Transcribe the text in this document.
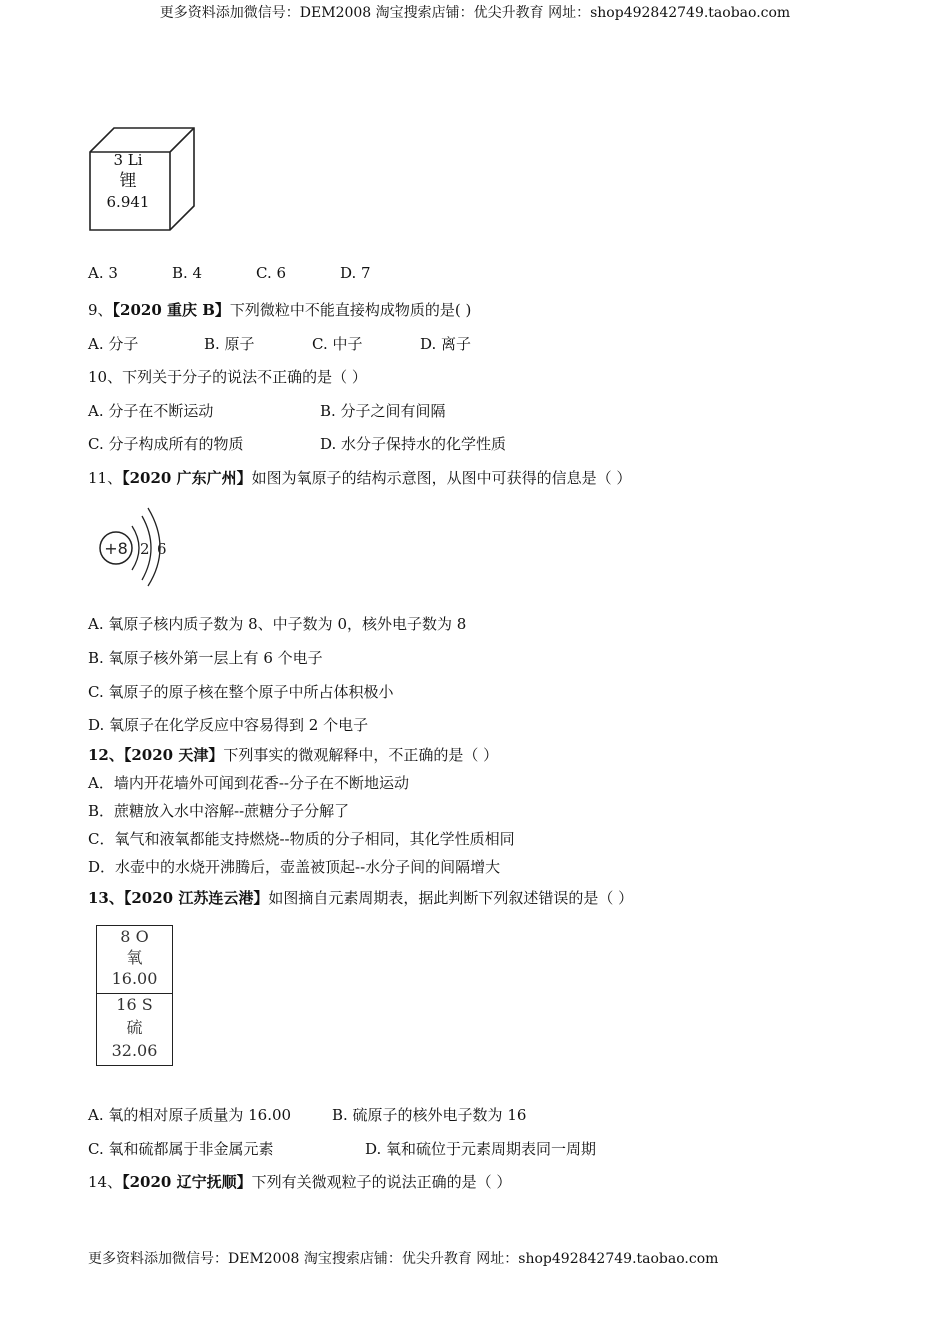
更多资料添加微信号：DEM2008 淘宝搜索店铺：优尖升教育 网址：shop492842749.taobao.com
3 Li
锂
6.941
A. 3	B. 4	C. 6	D. 7
9、【2020 重庆 B】下列微粒中不能直接构成物质的是( )
A. 分子	B. 原子	C. 中子	D. 离子
10、下列关于分子的说法不正确的是（ ）
A. 分子在不断运动	B. 分子之间有间隔
C. 分子构成所有的物质	D. 水分子保持水的化学性质
11、【2020 广东广州】如图为氧原子的结构示意图，从图中可获得的信息是（ ）
+8 2 6
A. 氧原子核内质子数为 8、中子数为 0，核外电子数为 8
B. 氧原子核外第一层上有 6 个电子
C. 氧原子的原子核在整个原子中所占体积极小
D. 氧原子在化学反应中容易得到 2 个电子
12、【2020 天津】下列事实的微观解释中，不正确的是（ ）
A．墙内开花墙外可闻到花香--分子在不断地运动
B．蔗糖放入水中溶解--蔗糖分子分解了
C．氧气和液氧都能支持燃烧--物质的分子相同，其化学性质相同
D．水壶中的水烧开沸腾后，壶盖被顶起--水分子间的间隔增大
13、【2020 江苏连云港】如图摘自元素周期表，据此判断下列叙述错误的是（ ）
8 O
氧
16.00
16 S
硫
32.06
A. 氧的相对原子质量为 16.00	B. 硫原子的核外电子数为 16
C. 氧和硫都属于非金属元素	D. 氧和硫位于元素周期表同一周期
14、【2020 辽宁抚顺】下列有关微观粒子的说法正确的是（ ）
更多资料添加微信号：DEM2008 淘宝搜索店铺：优尖升教育 网址：shop492842749.taobao.com
